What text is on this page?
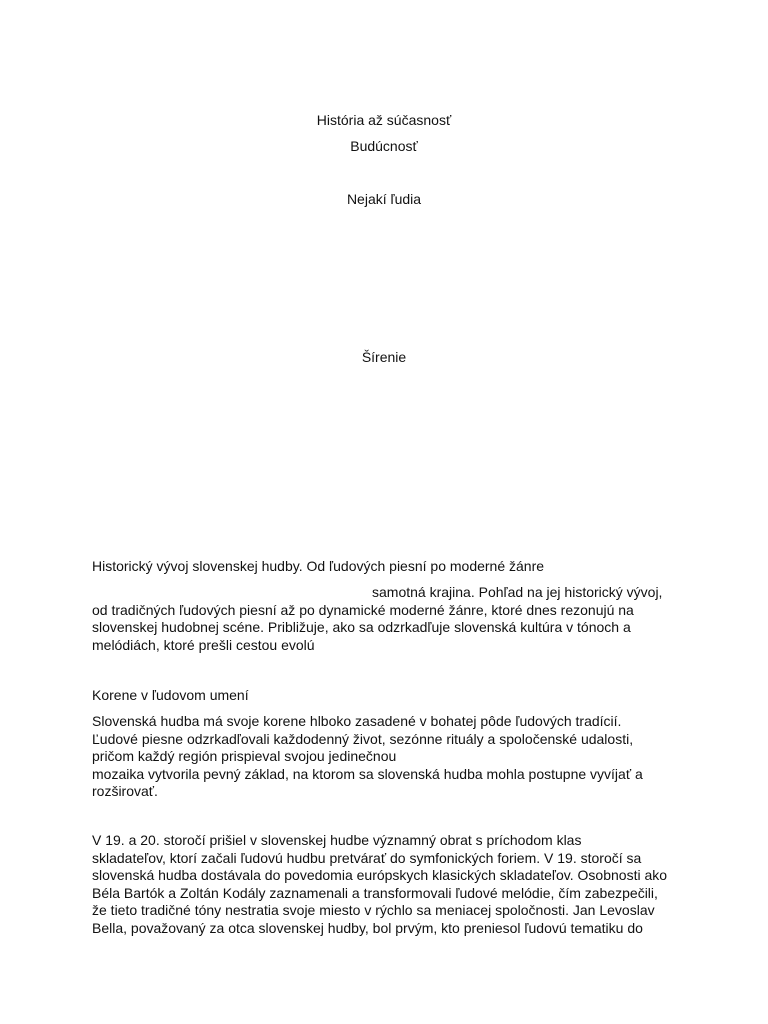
História až súčasnosť
Budúcnosť
Nejakí ľudia
Šírenie
Historický vývoj slovenskej hudby. Od ľudových piesní po moderné žánre
samotná krajina. Pohľad na jej historický vývoj,
od tradičných ľudových piesní až po dynamické moderné žánre, ktoré dnes rezonujú na
slovenskej hudobnej scéne. Približuje, ako sa odzrkadľuje slovenská kultúra v tónoch a
melódiách, ktoré prešli cestou evolú
Korene v ľudovom umení
Slovenská hudba má svoje korene hlboko zasadené v bohatej pôde ľudových tradícií.
Ľudové piesne odzrkadľovali každodenný život, sezónne rituály a spoločenské udalosti,
pričom každý región prispieval svojou jedinečnou
mozaika vytvorila pevný základ, na ktorom sa slovenská hudba mohla postupne vyvíjať a
rozširovať.
V 19. a 20. storočí prišiel v slovenskej hudbe významný obrat s príchodom klas
skladateľov, ktorí začali ľudovú hudbu pretvárať do symfonických foriem. V 19. storočí sa
slovenská hudba dostávala do povedomia európskych klasických skladateľov. Osobnosti ako
Béla Bartók a Zoltán Kodály zaznamenali a transformovali ľudové melódie, čím zabezpečili,
že tieto tradičné tóny nestratia svoje miesto v rýchlo sa meniacej spoločnosti. Jan Levoslav
Bella, považovaný za otca slovenskej hudby, bol prvým, kto preniesol ľudovú tematiku do
